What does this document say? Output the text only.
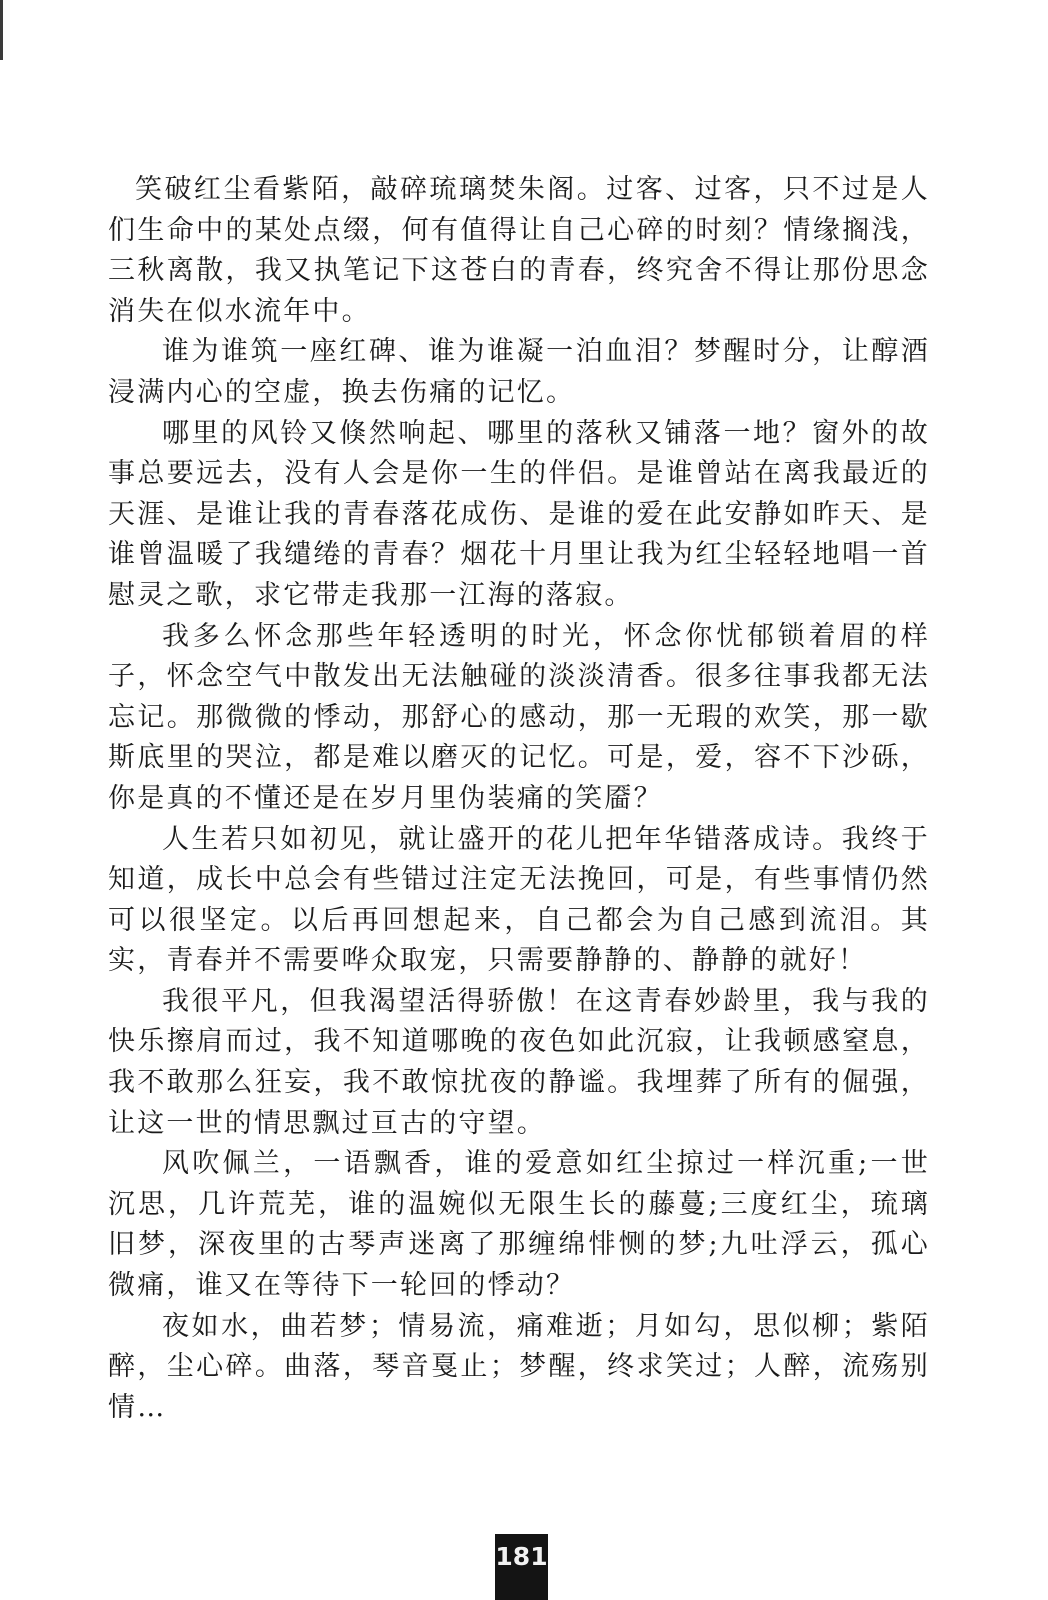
笑破红尘看紫陌，敲碎琉璃焚朱阁。过客、过客，只不过是人们生命中的某处点缀，何有值得让自己心碎的时刻？情缘搁浅，三秋离散，我又执笔记下这苍白的青春，终究舍不得让那份思念消失在似水流年中。

谁为谁筑一座红碑、谁为谁凝一泊血泪？梦醒时分，让醇酒浸满内心的空虚，换去伤痛的记忆。

哪里的风铃又倏然响起、哪里的落秋又铺落一地？窗外的故事总要远去，没有人会是你一生的伴侣。是谁曾站在离我最近的天涯、是谁让我的青春落花成伤、是谁的爱在此安静如昨天、是谁曾温暖了我缱绻的青春？烟花十月里让我为红尘轻轻地唱一首慰灵之歌，求它带走我那一江海的落寂。

我多么怀念那些年轻透明的时光，怀念你忧郁锁着眉的样子，怀念空气中散发出无法触碰的淡淡清香。很多往事我都无法忘记。那微微的悸动，那舒心的感动，那一无瑕的欢笑，那一歇斯底里的哭泣，都是难以磨灭的记忆。可是，爱，容不下沙砾，你是真的不懂还是在岁月里伪装痛的笑靥？

人生若只如初见，就让盛开的花儿把年华错落成诗。我终于知道，成长中总会有些错过注定无法挽回，可是，有些事情仍然可以很坚定。以后再回想起来，自己都会为自己感到流泪。其实，青春并不需要哗众取宠，只需要静静的、静静的就好！

我很平凡，但我渴望活得骄傲！在这青春妙龄里，我与我的快乐擦肩而过，我不知道哪晚的夜色如此沉寂，让我顿感窒息，我不敢那么狂妄，我不敢惊扰夜的静谧。我埋葬了所有的倔强，让这一世的情思飘过亘古的守望。

风吹佩兰，一语飘香，谁的爱意如红尘掠过一样沉重;一世沉思，几许荒芜，谁的温婉似无限生长的藤蔓;三度红尘，琉璃旧梦，深夜里的古琴声迷离了那缠绵悱恻的梦;九吐浮云，孤心微痛，谁又在等待下一轮回的悸动？

夜如水，曲若梦；情易流，痛难逝；月如勾，思似柳；紫陌醉，尘心碎。曲落，琴音戛止；梦醒，终求笑过；人醉，流殇别情…

181
